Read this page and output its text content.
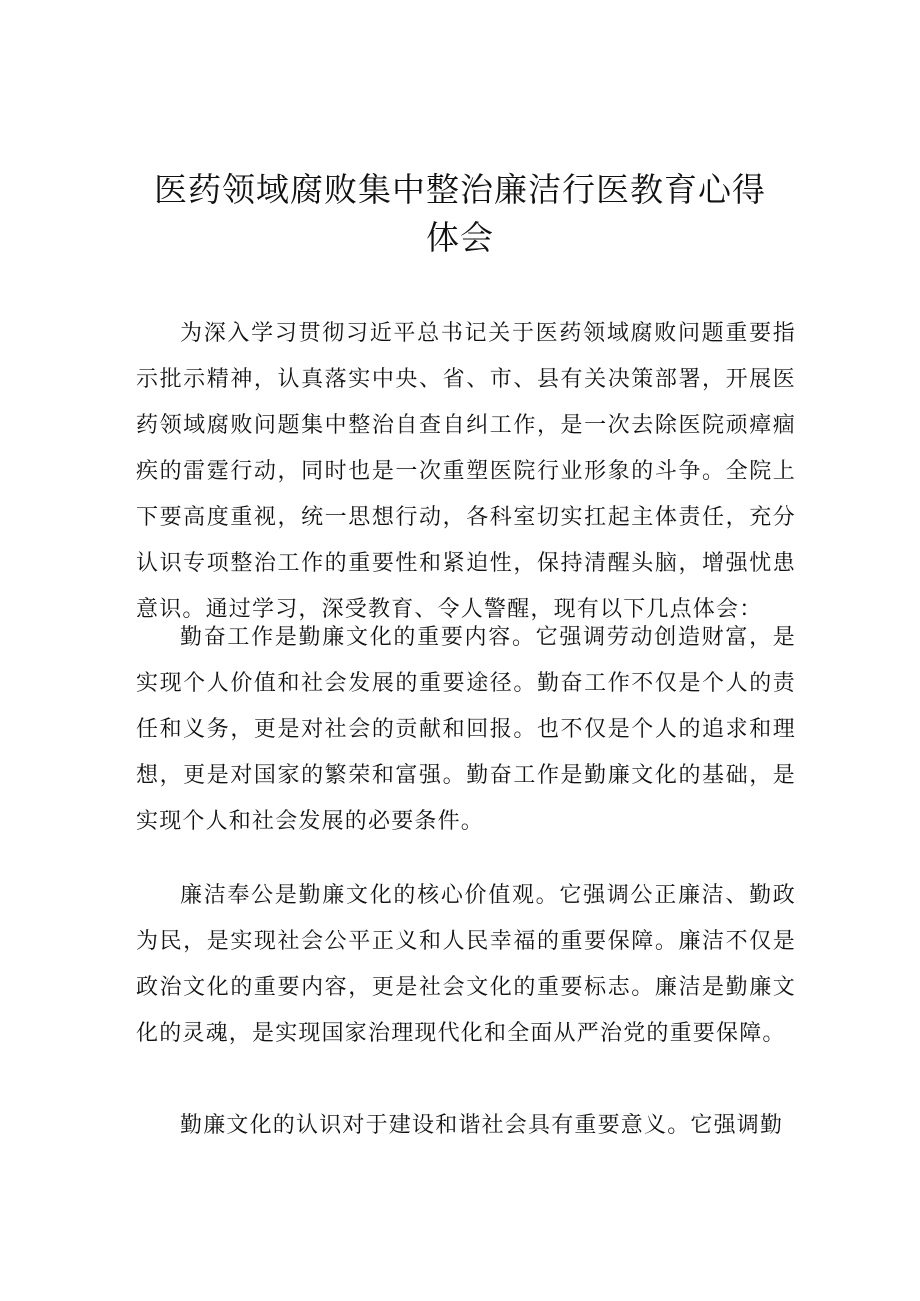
医药领域腐败集中整治廉洁行医教育心得
体会

为深入学习贯彻习近平总书记关于医药领域腐败问题重要指示批示精神，认真落实中央、省、市、县有关决策部署，开展医药领域腐败问题集中整治自查自纠工作，是一次去除医院顽瘴痼疾的雷霆行动，同时也是一次重塑医院行业形象的斗争。全院上下要高度重视，统一思想行动，各科室切实扛起主体责任，充分认识专项整治工作的重要性和紧迫性，保持清醒头脑，增强忧患意识。通过学习，深受教育、令人警醒，现有以下几点体会：

勤奋工作是勤廉文化的重要内容。它强调劳动创造财富，是实现个人价值和社会发展的重要途径。勤奋工作不仅是个人的责任和义务，更是对社会的贡献和回报。也不仅是个人的追求和理想，更是对国家的繁荣和富强。勤奋工作是勤廉文化的基础，是实现个人和社会发展的必要条件。

廉洁奉公是勤廉文化的核心价值观。它强调公正廉洁、勤政为民，是实现社会公平正义和人民幸福的重要保障。廉洁不仅是政治文化的重要内容，更是社会文化的重要标志。廉洁是勤廉文化的灵魂，是实现国家治理现代化和全面从严治党的重要保障。

勤廉文化的认识对于建设和谐社会具有重要意义。它强调勤
